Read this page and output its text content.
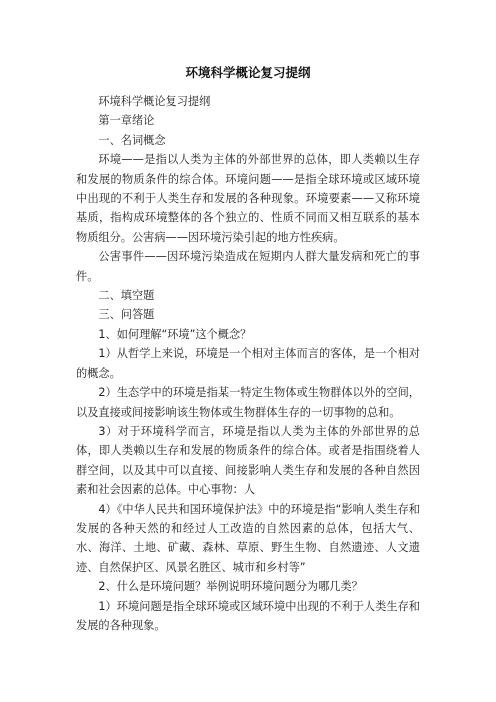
环境科学概论复习提纲

环境科学概论复习提纲

第一章绪论

一、名词概念

环境——是指以人类为主体的外部世界的总体，即人类赖以生存和发展的物质条件的综合体。环境问题——是指全球环境或区域环境中出现的不利于人类生存和发展的各种现象。环境要素——又称环境基质，指构成环境整体的各个独立的、性质不同而又相互联系的基本物质组分。公害病——因环境污染引起的地方性疾病。

公害事件——因环境污染造成在短期内人群大量发病和死亡的事件。

二、填空题

三、问答题

1、如何理解“环境”这个概念？

1）从哲学上来说，环境是一个相对主体而言的客体，是一个相对的概念。

2）生态学中的环境是指某一特定生物体或生物群体以外的空间，以及直接或间接影响该生物体或生物群体生存的一切事物的总和。

3）对于环境科学而言，环境是指以人类为主体的外部世界的总体，即人类赖以生存和发展的物质条件的综合体。或者是指围绕着人群空间，以及其中可以直接、间接影响人类生存和发展的各种自然因素和社会因素的总体。中心事物：人

4）《中华人民共和国环境保护法》中的环境是指“影响人类生存和发展的各种天然的和经过人工改造的自然因素的总体，包括大气、水、海洋、土地、矿藏、森林、草原、野生生物、自然遗迹、人文遗迹、自然保护区、风景名胜区、城市和乡村等”

2、什么是环境问题？举例说明环境问题分为哪几类？

1）环境问题是指全球环境或区域环境中出现的不利于人类生存和发展的各种现象。
